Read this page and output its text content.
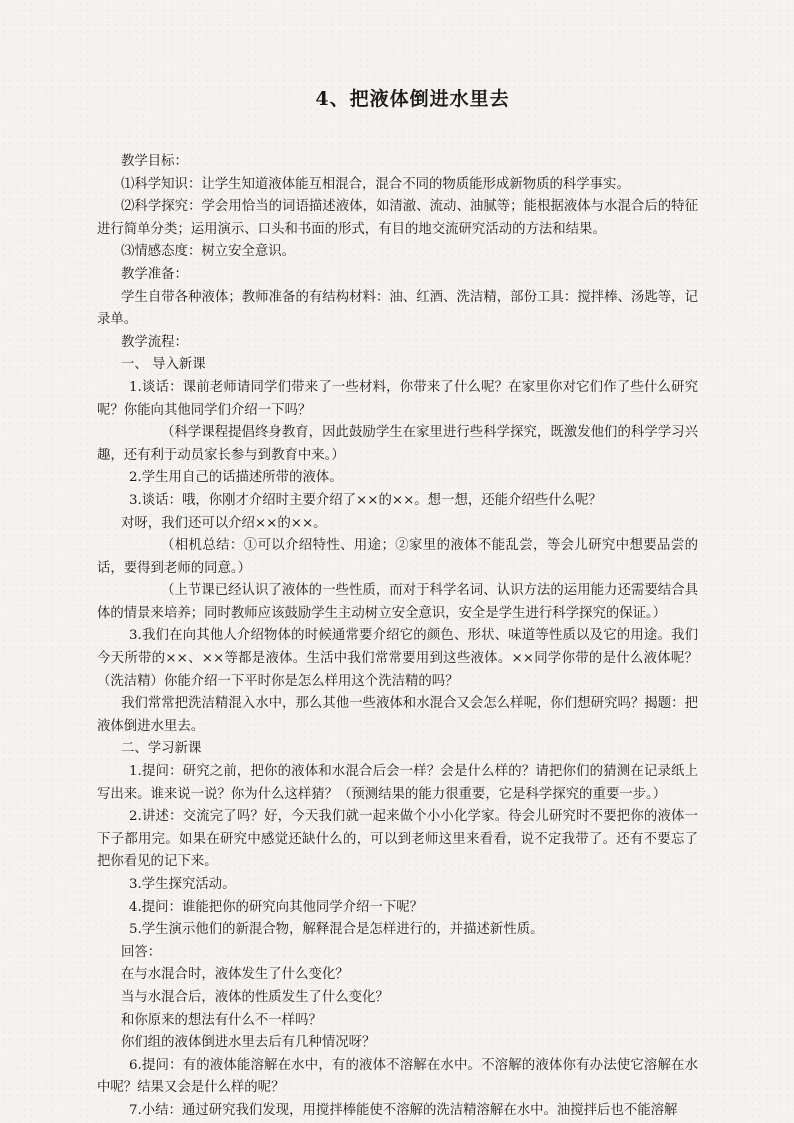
4、把液体倒进水里去

教学目标：

⑴科学知识：让学生知道液体能互相混合，混合不同的物质能形成新物质的科学事实。

⑵科学探究：学会用恰当的词语描述液体，如清澈、流动、油腻等；能根据液体与水混合后的特征进行简单分类；运用演示、口头和书面的形式，有目的地交流研究活动的方法和结果。

⑶情感态度：树立安全意识。

教学准备：

学生自带各种液体；教师准备的有结构材料：油、红酒、洗洁精，部份工具：搅拌棒、汤匙等，记录单。

教学流程：

一、 导入新课

1.谈话：课前老师请同学们带来了一些材料，你带来了什么呢？在家里你对它们作了些什么研究呢？你能向其他同学们介绍一下吗？

（科学课程提倡终身教育，因此鼓励学生在家里进行些科学探究，既激发他们的科学学习兴趣，还有利于动员家长参与到教育中来。）

2.学生用自己的话描述所带的液体。

3.谈话：哦，你刚才介绍时主要介绍了××的××。想一想，还能介绍些什么呢？

对呀，我们还可以介绍××的××。

（相机总结：①可以介绍特性、用途；②家里的液体不能乱尝，等会儿研究中想要品尝的话，要得到老师的同意。）

（上节课已经认识了液体的一些性质，而对于科学名词、认识方法的运用能力还需要结合具体的情景来培养；同时教师应该鼓励学生主动树立安全意识，安全是学生进行科学探究的保证。）

3.我们在向其他人介绍物体的时候通常要介绍它的颜色、形状、味道等性质以及它的用途。我们今天所带的××、××等都是液体。生活中我们常常要用到这些液体。××同学你带的是什么液体呢？（洗洁精）你能介绍一下平时你是怎么样用这个洗洁精的吗？

我们常常把洗洁精混入水中，那么其他一些液体和水混合又会怎么样呢，你们想研究吗？揭题：把液体倒进水里去。

二、学习新课

1.提问：研究之前，把你的液体和水混合后会一样？会是什么样的？请把你们的猜测在记录纸上写出来。谁来说一说？你为什么这样猜？（预测结果的能力很重要，它是科学探究的重要一步。）

2.讲述：交流完了吗？好，今天我们就一起来做个小小化学家。待会儿研究时不要把你的液体一下子都用完。如果在研究中感觉还缺什么的，可以到老师这里来看看，说不定我带了。还有不要忘了把你看见的记下来。

3.学生探究活动。

4.提问：谁能把你的研究向其他同学介绍一下呢？

5.学生演示他们的新混合物，解释混合是怎样进行的，并描述新性质。

回答：

在与水混合时，液体发生了什么变化？

当与水混合后，液体的性质发生了什么变化？

和你原来的想法有什么不一样吗？

你们组的液体倒进水里去后有几种情况呀？

6.提问：有的液体能溶解在水中，有的液体不溶解在水中。不溶解的液体你有办法使它溶解在水中呢？结果又会是什么样的呢？

7.小结：通过研究我们发现，用搅拌棒能使不溶解的洗洁精溶解在水中。油搅拌后也不能溶解
